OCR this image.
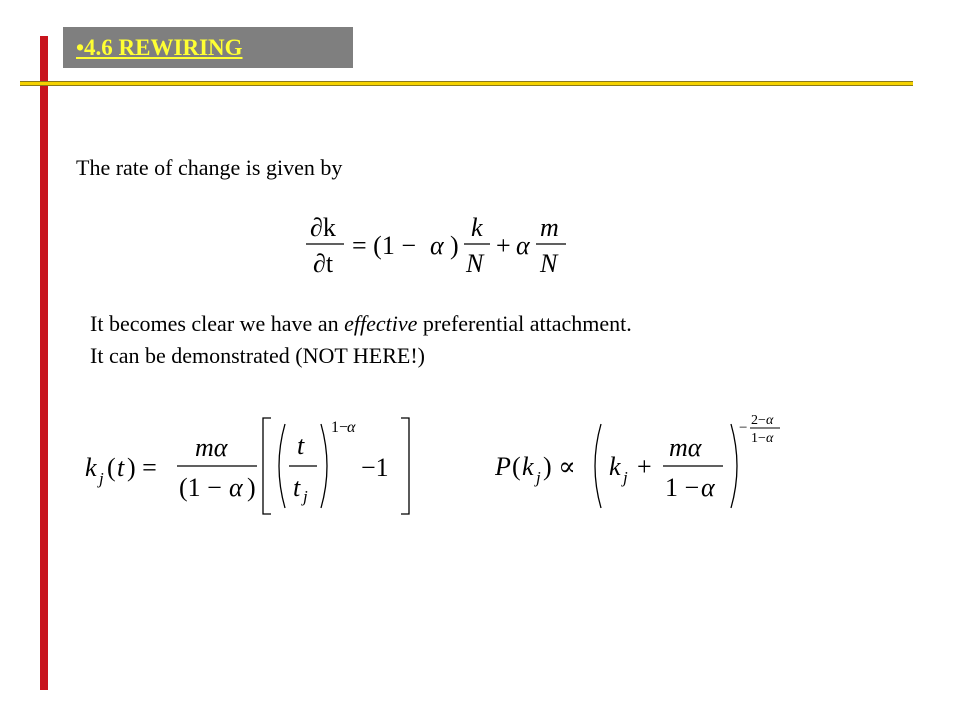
•4.6 REWIRING
The rate of change is given by
∂k
∂t
= (1 − α )
k
N
+ α
m
N
It becomes clear we have an effective preferential attachment.
It can be demonstrated (NOT HERE!)
k j ( t ) =
mα
(1 − α )
t
t j
1−
α
−1	P ( k j ) ∝ k j +
mα
1 − α
− 2− α
1− α
